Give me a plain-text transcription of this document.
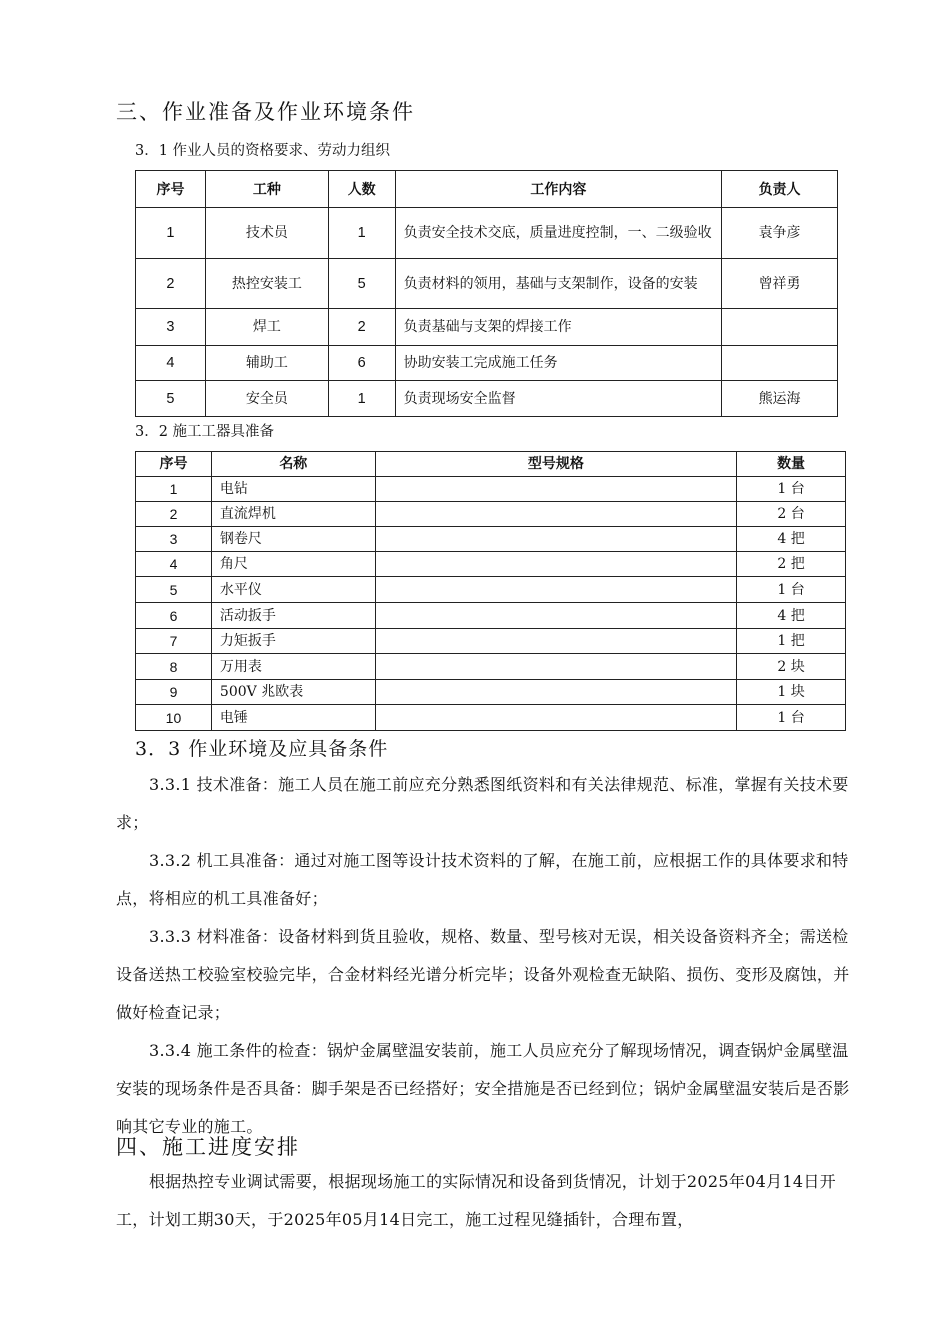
三、作业准备及作业环境条件
3．1 作业人员的资格要求、劳动力组织
序号	工种	人数	工作内容	负责人
1	技术员	1	负责安全技术交底，质量进度控制，一、二级验收	袁争彦
2	热控安装工	5	负责材料的领用，基础与支架制作，设备的安装	曾祥勇
3	焊工	2	负责基础与支架的焊接工作	
4	辅助工	6	协助安装工完成施工任务	
5	安全员	1	负责现场安全监督	熊运海
3．2 施工工器具准备
序号	名称	型号规格	数量
1	电钻		1 台
2	直流焊机		2 台
3	钢卷尺		4 把
4	角尺		2 把
5	水平仪		1 台
6	活动扳手		4 把
7	力矩扳手		1 把
8	万用表		2 块
9	500V 兆欧表		1 块
10	电锤		1 台
3．3 作业环境及应具备条件

3.3.1 技术准备：施工人员在施工前应充分熟悉图纸资料和有关法律规范、标准，掌握有关技术要求；

3.3.2 机工具准备：通过对施工图等设计技术资料的了解，在施工前，应根据工作的具体要求和特点，将相应的机工具准备好；

3.3.3 材料准备：设备材料到货且验收，规格、数量、型号核对无误，相关设备资料齐全；需送检设备送热工校验室校验完毕，合金材料经光谱分析完毕；设备外观检查无缺陷、损伤、变形及腐蚀，并做好检查记录；

3.3.4 施工条件的检查：锅炉金属壁温安装前，施工人员应充分了解现场情况，调查锅炉金属壁温安装的现场条件是否具备：脚手架是否已经搭好；安全措施是否已经到位；锅炉金属壁温安装后是否影响其它专业的施工。

四、施工进度安排

根据热控专业调试需要，根据现场施工的实际情况和设备到货情况，计划于2025年04月14日开工，计划工期30天，于2025年05月14日完工，施工过程见缝插针，合理布置，
